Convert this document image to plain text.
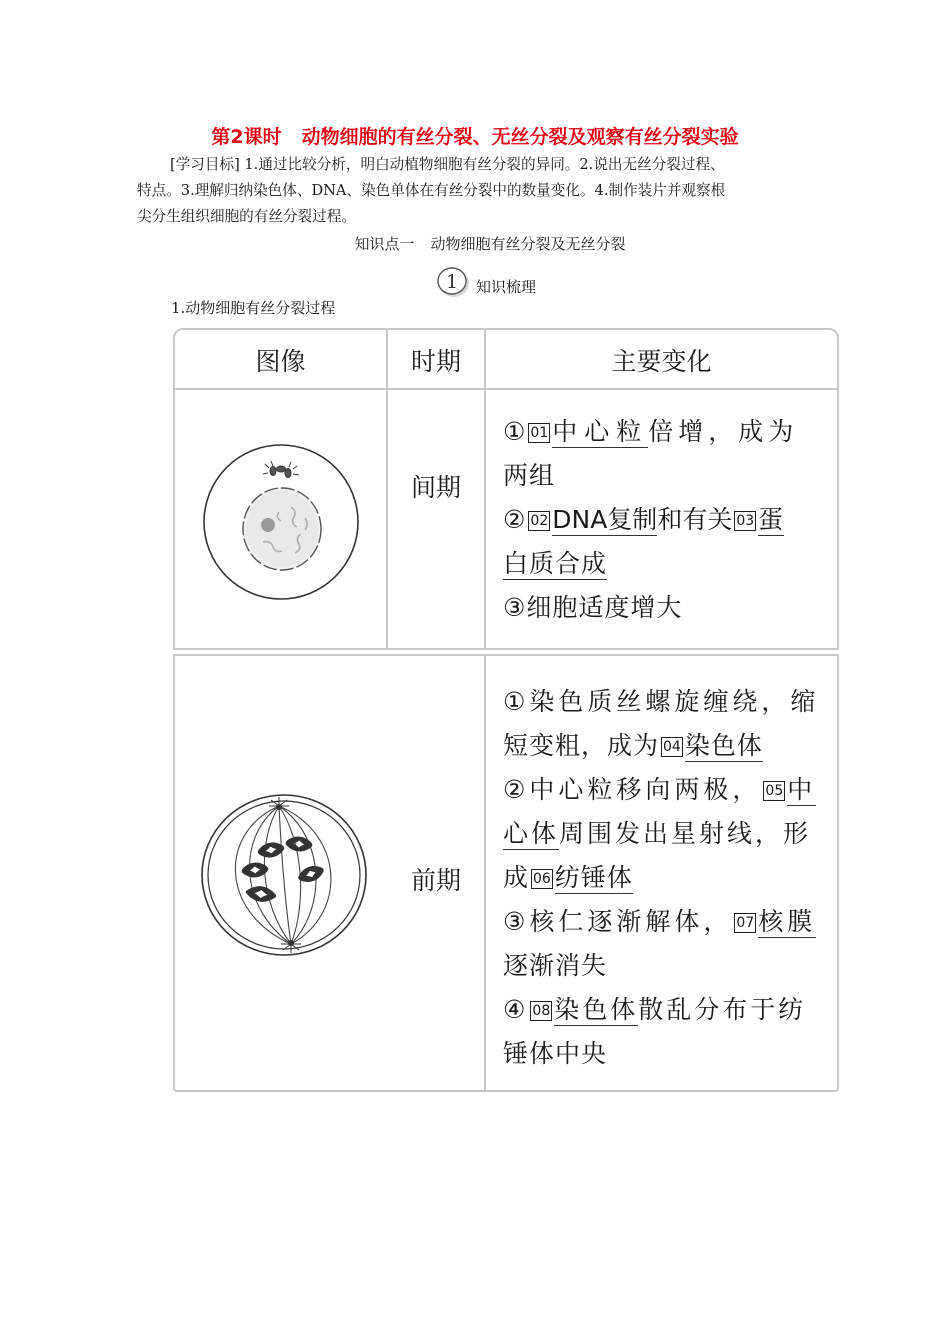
第2课时 动物细胞的有丝分裂、无丝分裂及观察有丝分裂实验
[学习目标] 1.通过比较分析，明白动植物细胞有丝分裂的异同。2.说出无丝分裂过程、
特点。3.理解归纳染色体、DNA、染色单体在有丝分裂中的数量变化。4.制作装片并观察根
尖分生组织细胞的有丝分裂过程。
知识点一 动物细胞有丝分裂及无丝分裂
1 知识梳理
1.动物细胞有丝分裂过程
图像	时期	主要变化
间期
① 01 中心粒倍增，成为
两组
② 02 DNA复制和有关 03 蛋
白质合成
③细胞适度增大
前期
①染色质丝螺旋缠绕，缩
短变粗，成为 04 染色体
②中心粒移向两极， 05 中
心体周围发出星射线，形
成 06 纺锤体
③核仁逐渐解体， 07 核膜
逐渐消失
④ 08 染色体散乱分布于纺
锤体中央
